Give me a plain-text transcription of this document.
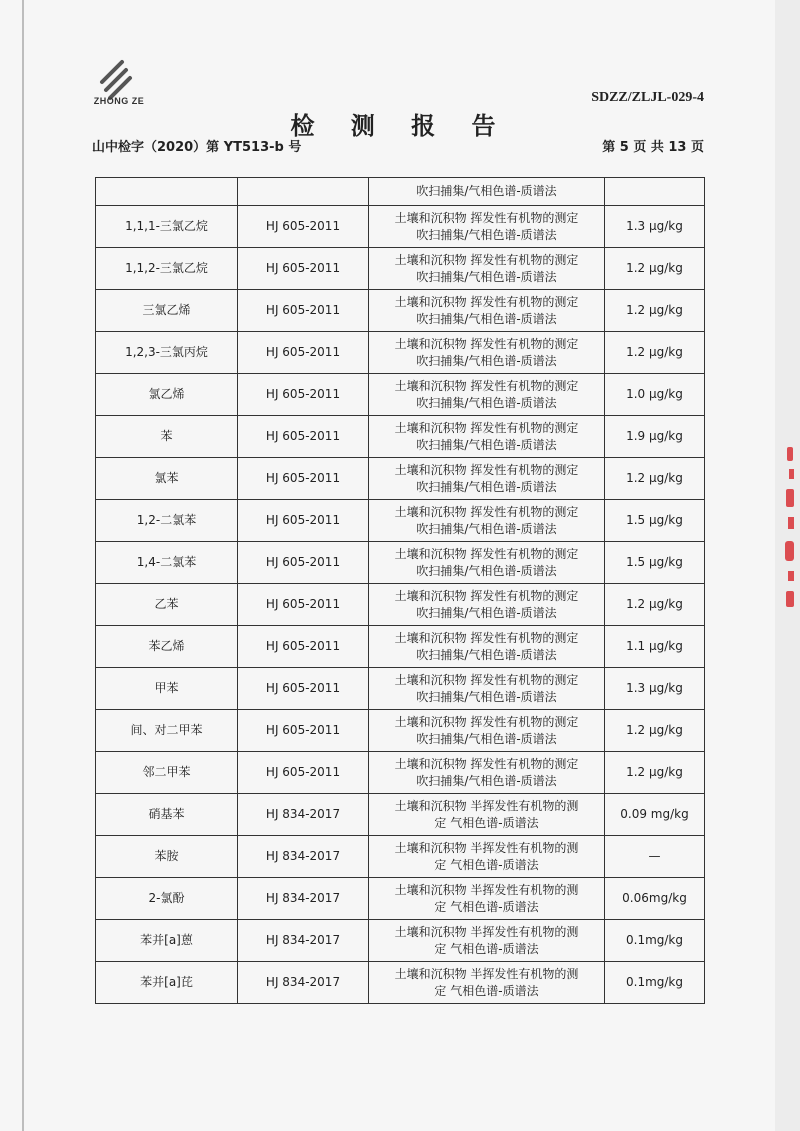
ZHONG ZE	SDZZ/ZLJL-029-4
检 测 报 告
山中检字（2020）第 YT513-b 号	第 5 页 共 13 页
		吹扫捕集/气相色谱-质谱法	
1,1,1-三氯乙烷	HJ 605-2011	土壤和沉积物 挥发性有机物的测定
吹扫捕集/气相色谱-质谱法	1.3 μg/kg
1,1,2-三氯乙烷	HJ 605-2011	土壤和沉积物 挥发性有机物的测定
吹扫捕集/气相色谱-质谱法	1.2 μg/kg
三氯乙烯	HJ 605-2011	土壤和沉积物 挥发性有机物的测定
吹扫捕集/气相色谱-质谱法	1.2 μg/kg
1,2,3-三氯丙烷	HJ 605-2011	土壤和沉积物 挥发性有机物的测定
吹扫捕集/气相色谱-质谱法	1.2 μg/kg
氯乙烯	HJ 605-2011	土壤和沉积物 挥发性有机物的测定
吹扫捕集/气相色谱-质谱法	1.0 μg/kg
苯	HJ 605-2011	土壤和沉积物 挥发性有机物的测定
吹扫捕集/气相色谱-质谱法	1.9 μg/kg
氯苯	HJ 605-2011	土壤和沉积物 挥发性有机物的测定
吹扫捕集/气相色谱-质谱法	1.2 μg/kg
1,2-二氯苯	HJ 605-2011	土壤和沉积物 挥发性有机物的测定
吹扫捕集/气相色谱-质谱法	1.5 μg/kg
1,4-二氯苯	HJ 605-2011	土壤和沉积物 挥发性有机物的测定
吹扫捕集/气相色谱-质谱法	1.5 μg/kg
乙苯	HJ 605-2011	土壤和沉积物 挥发性有机物的测定
吹扫捕集/气相色谱-质谱法	1.2 μg/kg
苯乙烯	HJ 605-2011	土壤和沉积物 挥发性有机物的测定
吹扫捕集/气相色谱-质谱法	1.1 μg/kg
甲苯	HJ 605-2011	土壤和沉积物 挥发性有机物的测定
吹扫捕集/气相色谱-质谱法	1.3 μg/kg
间、对二甲苯	HJ 605-2011	土壤和沉积物 挥发性有机物的测定
吹扫捕集/气相色谱-质谱法	1.2 μg/kg
邻二甲苯	HJ 605-2011	土壤和沉积物 挥发性有机物的测定
吹扫捕集/气相色谱-质谱法	1.2 μg/kg
硝基苯	HJ 834-2017	土壤和沉积物 半挥发性有机物的测
定 气相色谱-质谱法	0.09 mg/kg
苯胺	HJ 834-2017	土壤和沉积物 半挥发性有机物的测
定 气相色谱-质谱法	—
2-氯酚	HJ 834-2017	土壤和沉积物 半挥发性有机物的测
定 气相色谱-质谱法	0.06mg/kg
苯并[a]蒽	HJ 834-2017	土壤和沉积物 半挥发性有机物的测
定 气相色谱-质谱法	0.1mg/kg
苯并[a]芘	HJ 834-2017	土壤和沉积物 半挥发性有机物的测
定 气相色谱-质谱法	0.1mg/kg
